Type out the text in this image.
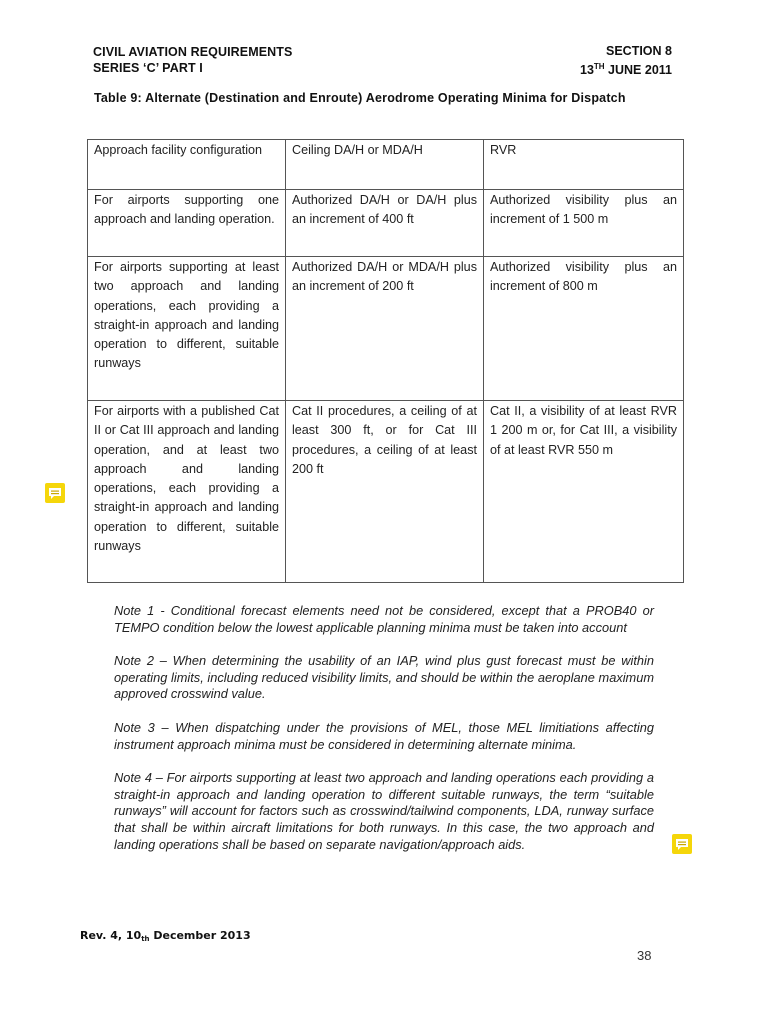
CIVIL AVIATION REQUIREMENTS
SERIES ‘C’ PART I
SECTION 8
13TH JUNE 2011
Table 9: Alternate (Destination and Enroute) Aerodrome Operating Minima for Dispatch
Approach facility configuration	Ceiling DA/H or MDA/H	RVR
For airports supporting one approach and landing operation.	Authorized DA/H or DA/H plus an increment of 400 ft	Authorized visibility plus an increment of 1 500 m
For airports supporting at least two approach and landing operations, each providing a straight-in approach and landing operation to different, suitable runways	Authorized DA/H or MDA/H plus an increment of 200 ft	Authorized visibility plus an increment of 800 m
For airports with a published Cat II or Cat III approach and landing operation, and at least two approach and landing operations, each providing a straight-in approach and landing operation to different, suitable runways	Cat II procedures, a ceiling of at least 300 ft, or for Cat III procedures, a ceiling of at least 200 ft	Cat II, a visibility of at least RVR 1 200 m or, for Cat III, a visibility of at least RVR 550 m

Note 1 - Conditional forecast elements need not be considered, except that a PROB40 or TEMPO condition below the lowest applicable planning minima must be taken into account

Note 2 – When determining the usability of an IAP, wind plus gust forecast must be within operating limits, including reduced visibility limits, and should be within the aeroplane maximum approved crosswind value.

Note 3 – When dispatching under the provisions of MEL, those MEL limitiations affecting instrument approach minima must be considered in determining alternate minima.

Note 4 – For airports supporting at least two approach and landing operations each providing a straight-in approach and landing operation to different suitable runways, the term “suitable runways” will account for factors such as crosswind/tailwind components, LDA, runway surface that shall be within aircraft limitations for both runways. In this case, the two approach and landing operations shall be based on separate navigation/approach aids.

Rev. 4, $10_{th}$ December 2013
38
